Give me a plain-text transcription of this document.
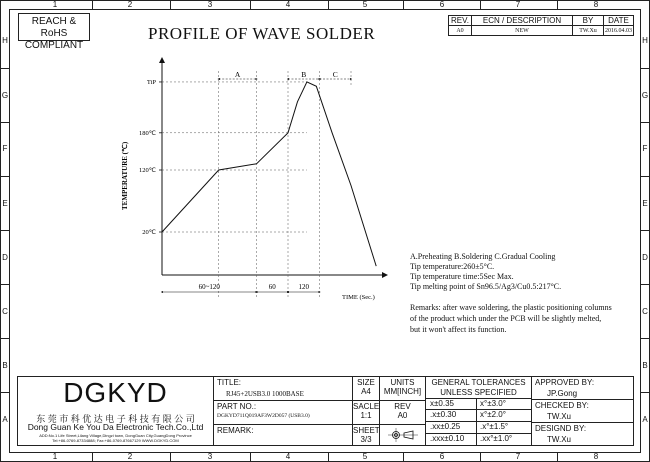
1	2	3	4	5	6	7	8
1	2	3	4	5	6	7	8
H
G
F
E
D
C
B
A
H
G
F
E
D
C
B
A
REACH & RoHS
COMPLIANT
PROFILE OF WAVE SOLDER
REV.	ECN / DESCRIPTION	BY	DATE
A0	NEW	TW.Xu	2016.04.03
TiP
180℃
120℃
20℃
A	B	C
60~120	60	120
TEMPERATURE (℃)
TIME (Sec.)
A.Preheating B.Soldering C.Gradual Cooling
Tip temperature:260±5°C.
Tip temperature time:5Sec Max.
Tip melting point of Sn96.5/Ag3/Cu0.5:217°C.
Remarks: after wave soldering, the plastic positioning columns
of the product which under the PCB will be slightly melted,
but it won't affect its function.
DGKYD
东 莞 市 科 优 达 电 子 科 技 有 限 公 司
Dong Guan Ke You Da Electronic Tech.Co.,Ltd
ADD:No.1 Life Street,Lilang Village,Dingzi town, DongGuan City,GuangDong Province
Tel:+86-0769-87334888; Fax:+86-0769-87667129 WWW.DGKYD.COM
TITLE:
RJ45+2USB3.0 1000BASE
PART NO.:
DGKYD711Q019AF3W2D057 (USB3.0)
REMARK:
SIZE
A4
UNITS
MM[INCH]
SACLE
1:1
REV
A0
SHEET
3/3
GENERAL TOLERANCES
UNLESS SPECIFIED
x±0.35	x°±3.0°
.x±0.30	x°±2.0°
.xx±0.25 .x°±1.5°
.xxx±0.10 .xx°±1.0°
APPROVED BY:
JP.Gong
CHECKED BY:
TW.Xu
DESIGND BY:
TW.Xu
